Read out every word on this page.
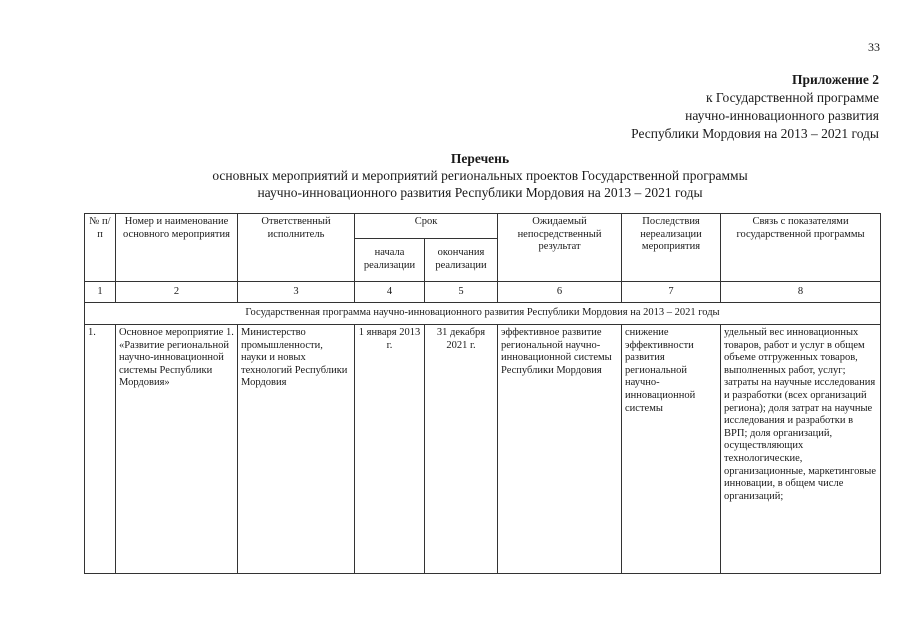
33
Приложение 2
к Государственной программе
научно-инновационного развития
Республики Мордовия на 2013 – 2021 годы
Перечень
основных мероприятий и мероприятий региональных проектов Государственной программы
научно-инновационного развития Республики Мордовия на 2013 – 2021 годы
№ п/п	Номер и наименование основного мероприятия	Ответственный исполнитель	Срок		Ожидаемый непосредственный результат	Последствия нереализации мероприятия	Связь с показателями государственной программы
			начала реализации	окончания реализации			
1	2	3	4	5	6	7	8
Государственная программа научно-инновационного развития Республики Мордовия на 2013 – 2021 годы							
1.	Основное мероприятие 1. «Развитие региональной научно-инновационной системы Республики Мордовия»	Министерство промышленности, науки и новых технологий Республики Мордовия	1 января 2013 г.	31 декабря 2021 г.	эффективное развитие региональной научно-инновационной системы Республики Мордовия	снижение эффективности развития региональной научно-инновационной системы	удельный вес инновационных товаров, работ и услуг в общем объеме отгруженных товаров, выполненных работ, услуг; затраты на научные исследования и разработки (всех организаций региона); доля затрат на научные исследования и разработки в ВРП; доля организаций, осуществляющих технологические, организационные, маркетинговые инновации, в общем числе организаций;
